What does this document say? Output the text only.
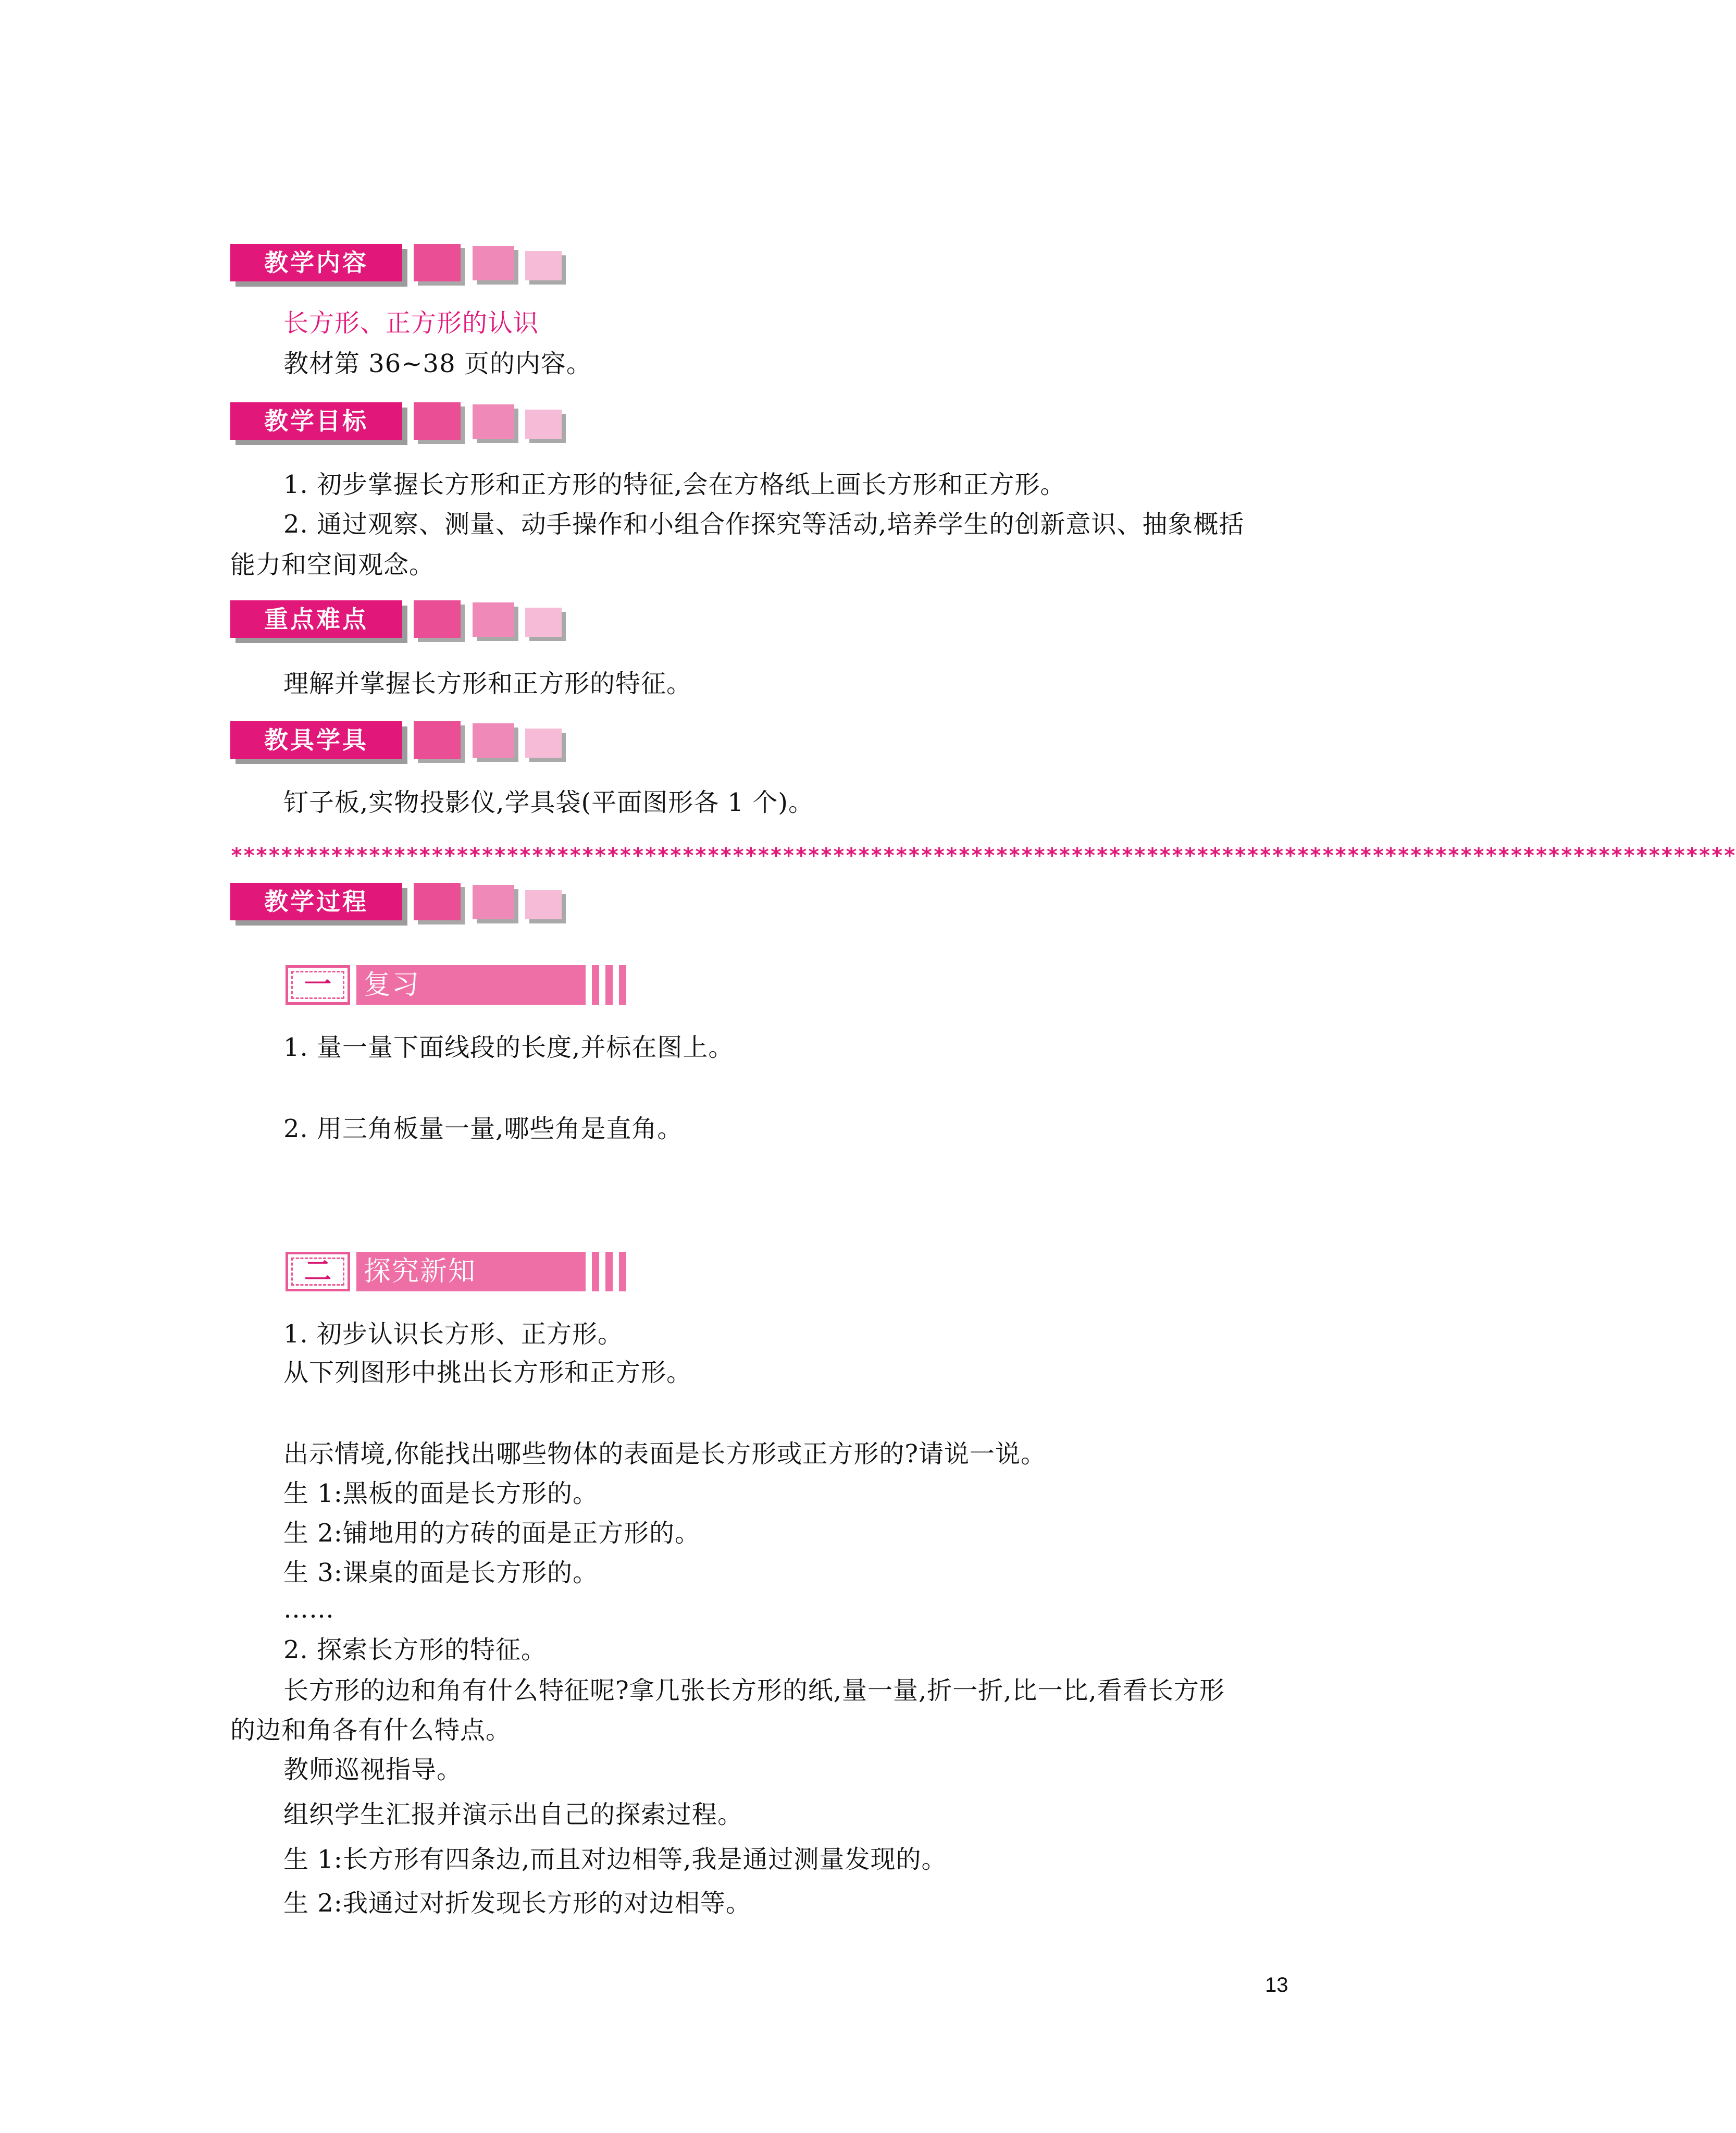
教学内容
长方形、正方形的认识
教材第 36~38 页的内容。
教学目标
1. 初步掌握长方形和正方形的特征,会在方格纸上画长方形和正方形。
2. 通过观察、测量、动手操作和小组合作探究等活动,培养学生的创新意识、抽象概括
能力和空间观念。
重点难点
理解并掌握长方形和正方形的特征。
教具学具
钉子板,实物投影仪,学具袋(平面图形各 1 个)。
************************************************************************************************************************
教学过程
一	复习
1. 量一量下面线段的长度,并标在图上。
2. 用三角板量一量,哪些角是直角。
二	探究新知
1. 初步认识长方形、正方形。
从下列图形中挑出长方形和正方形。
出示情境,你能找出哪些物体的表面是长方形或正方形的?请说一说。
生 1:黑板的面是长方形的。
生 2:铺地用的方砖的面是正方形的。
生 3:课桌的面是长方形的。
……
2. 探索长方形的特征。
长方形的边和角有什么特征呢?拿几张长方形的纸,量一量,折一折,比一比,看看长方形
的边和角各有什么特点。
教师巡视指导。
组织学生汇报并演示出自己的探索过程。
生 1:长方形有四条边,而且对边相等,我是通过测量发现的。
生 2:我通过对折发现长方形的对边相等。
13
